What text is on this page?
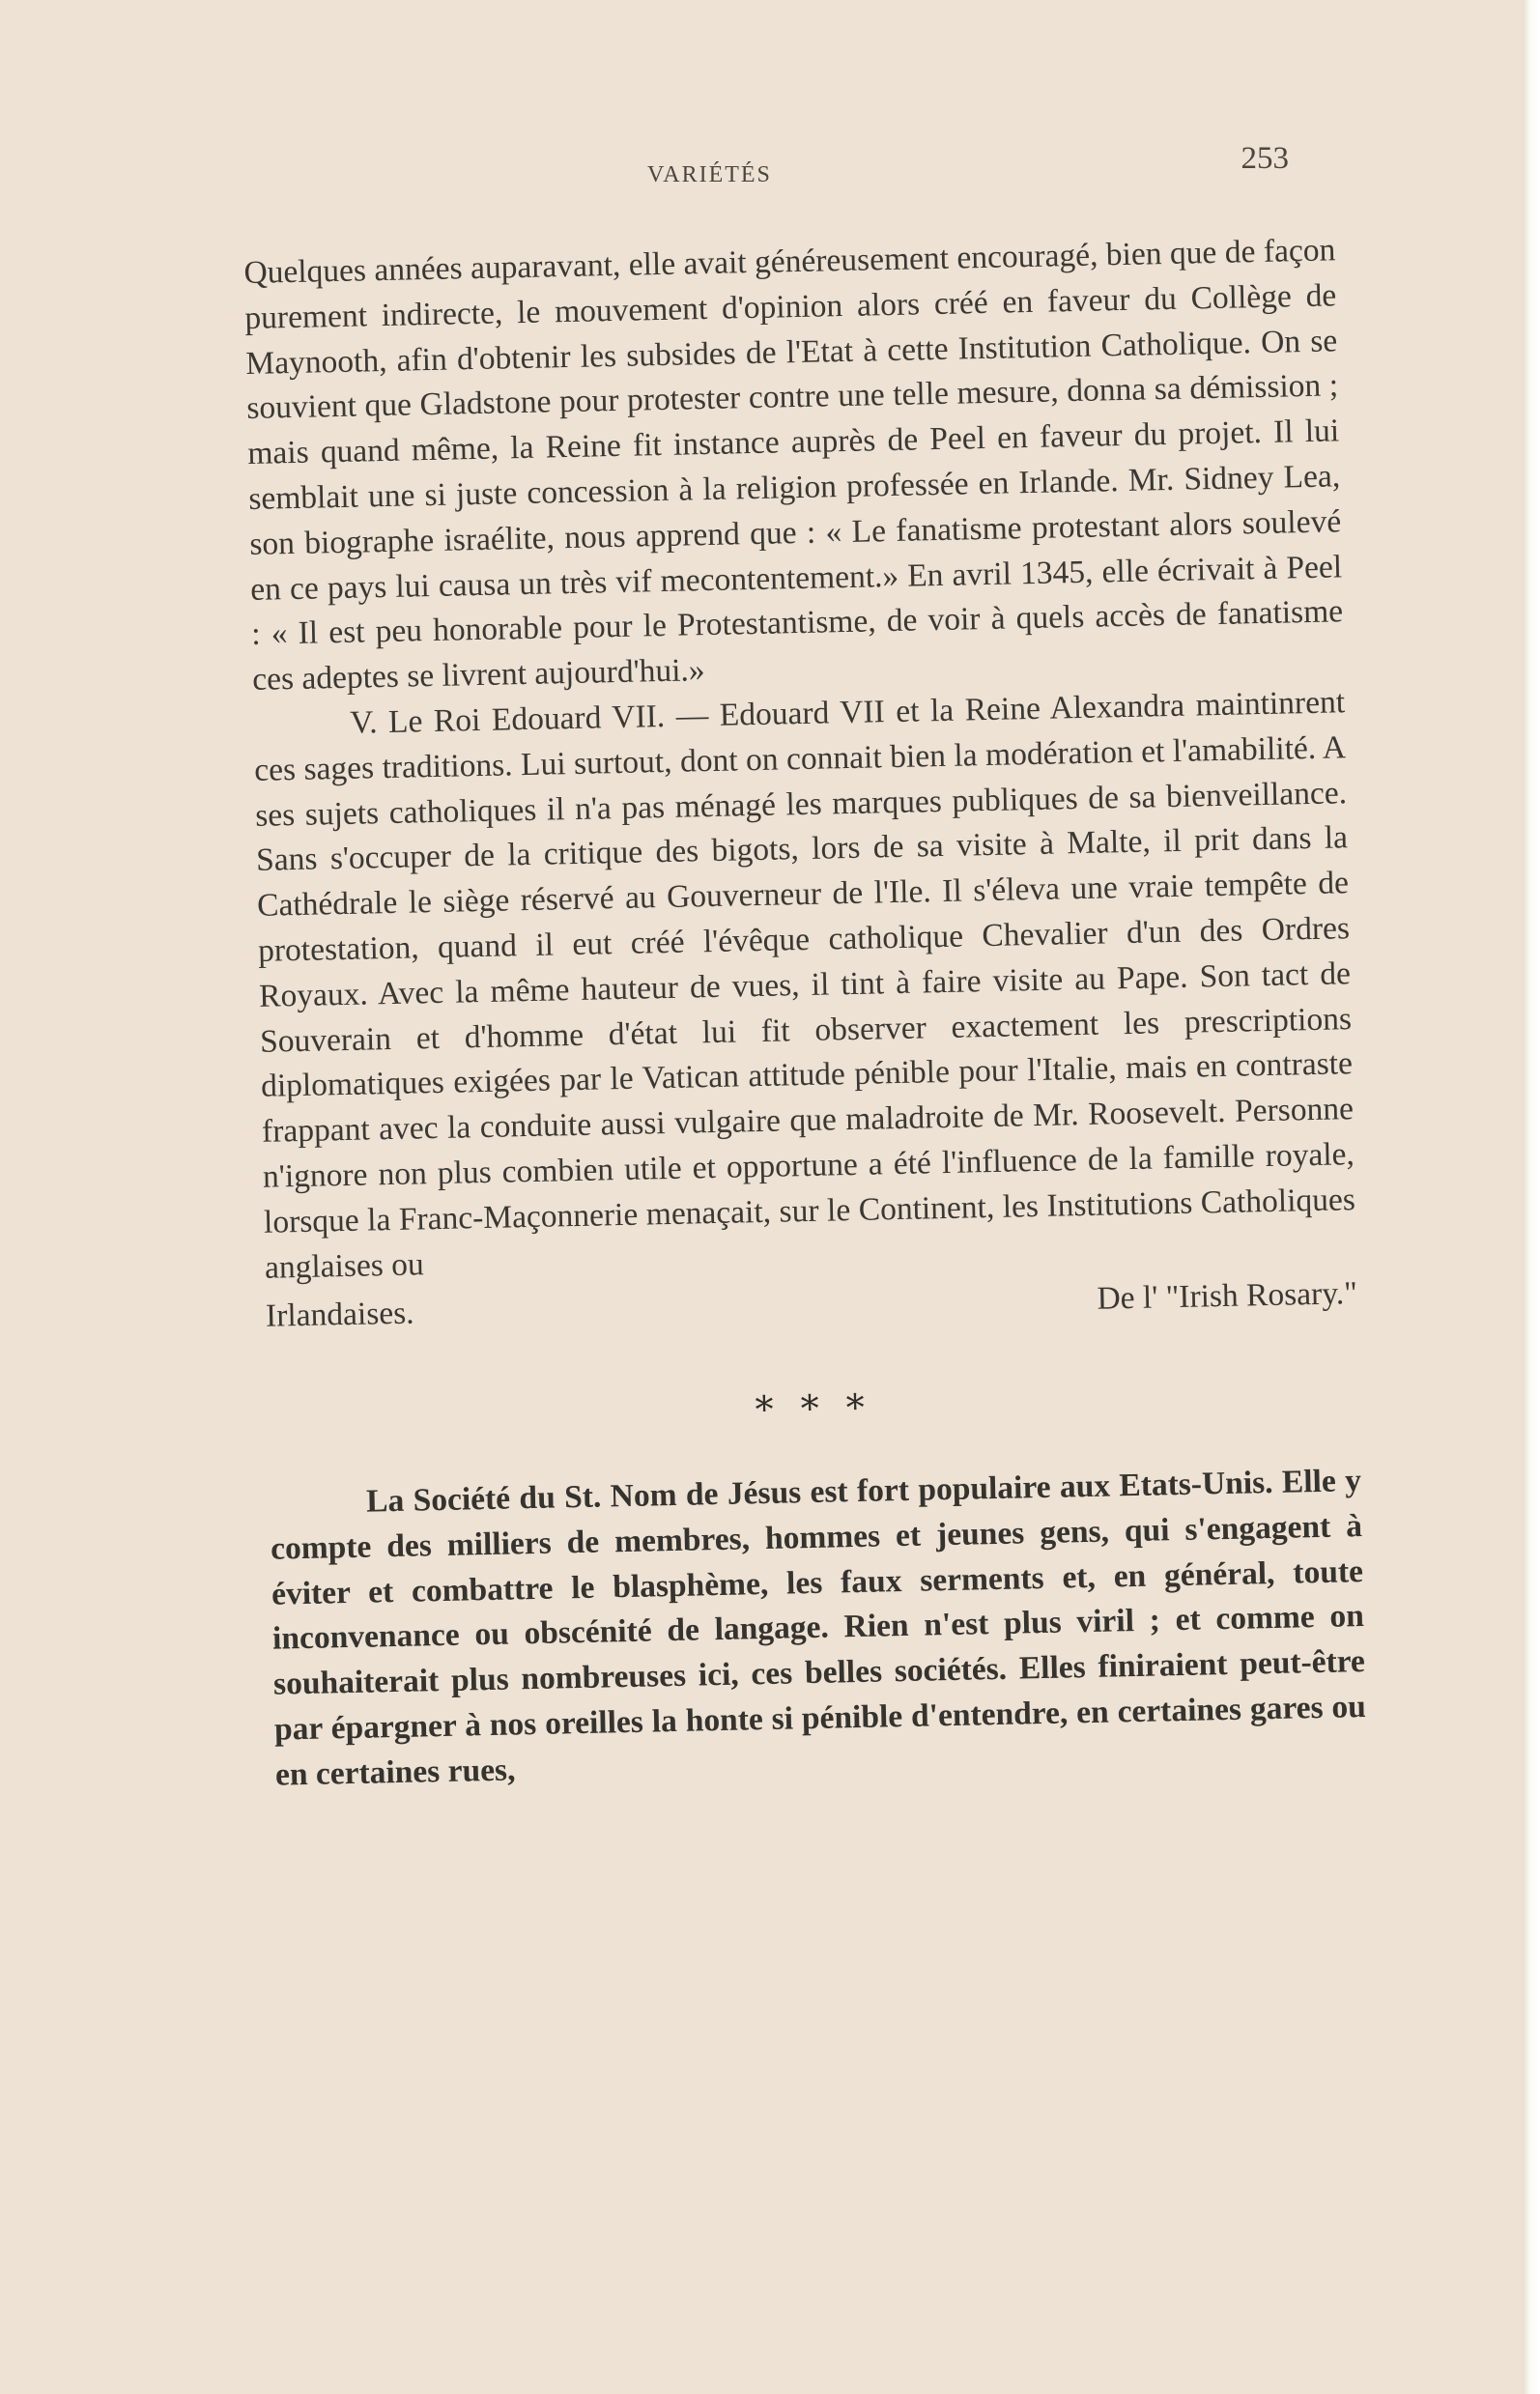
VARIÉTÉS	253

Quelques années auparavant, elle avait généreusement encouragé, bien que de façon purement indirecte, le mouvement d'opinion alors créé en faveur du Collège de Maynooth, afin d'obtenir les subsides de l'Etat à cette Institution Catholique. On se souvient que Gladstone pour protester contre une telle mesure, donna sa démission ; mais quand même, la Reine fit instance auprès de Peel en faveur du projet. Il lui semblait une si juste concession à la religion professée en Irlande. Mr. Sidney Lea, son biographe israélite, nous apprend que : « Le fanatisme protestant alors soulevé en ce pays lui causa un très vif mecontentement.» En avril 1345, elle écrivait à Peel : « Il est peu honorable pour le Protestantisme, de voir à quels accès de fanatisme ces adeptes se livrent aujourd'hui.»

V. Le Roi Edouard VII. — Edouard VII et la Reine Alexandra maintinrent ces sages traditions. Lui surtout, dont on connait bien la modération et l'amabilité. A ses sujets catholiques il n'a pas ménagé les marques publiques de sa bienveillance. Sans s'occuper de la critique des bigots, lors de sa visite à Malte, il prit dans la Cathédrale le siège réservé au Gouverneur de l'Ile. Il s'éleva une vraie tempête de protestation, quand il eut créé l'évêque catholique Chevalier d'un des Ordres Royaux. Avec la même hauteur de vues, il tint à faire visite au Pape. Son tact de Souverain et d'homme d'état lui fit observer exactement les prescriptions diplomatiques exigées par le Vatican attitude pénible pour l'Italie, mais en contraste frappant avec la conduite aussi vulgaire que maladroite de Mr. Roosevelt. Personne n'ignore non plus combien utile et opportune a été l'influence de la famille royale, lorsque la Franc-Maçonnerie menaçait, sur le Continent, les Institutions Catholiques anglaises ou

Irlandaises.	De l' "Irish Rosary."
* * *

La Société du St. Nom de Jésus est fort populaire aux Etats-Unis. Elle y compte des milliers de membres, hommes et jeunes gens, qui s'engagent à éviter et combattre le blasphème, les faux serments et, en général, toute inconvenance ou obscénité de langage. Rien n'est plus viril ; et comme on souhaiterait plus nombreuses ici, ces belles sociétés. Elles finiraient peut-être par épargner à nos oreilles la honte si pénible d'entendre, en certaines gares ou en certaines rues,
